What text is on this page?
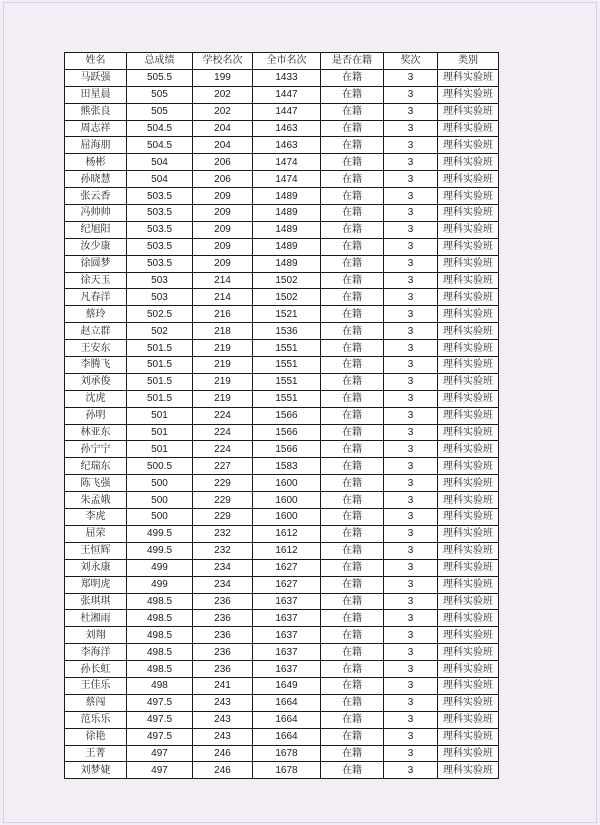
姓名	总成绩	学校名次	全市名次	是否在籍	奖次	类别
马跃强	505.5	199	1433	在籍	3	理科实验班
田星晨	505	202	1447	在籍	3	理科实验班
熊张良	505	202	1447	在籍	3	理科实验班
周志祥	504.5	204	1463	在籍	3	理科实验班
屈海朋	504.5	204	1463	在籍	3	理科实验班
杨彬	504	206	1474	在籍	3	理科实验班
孙晓慧	504	206	1474	在籍	3	理科实验班
张云香	503.5	209	1489	在籍	3	理科实验班
冯帅帅	503.5	209	1489	在籍	3	理科实验班
纪旭阳	503.5	209	1489	在籍	3	理科实验班
汝少康	503.5	209	1489	在籍	3	理科实验班
徐圆梦	503.5	209	1489	在籍	3	理科实验班
徐天玉	503	214	1502	在籍	3	理科实验班
凡春洋	503	214	1502	在籍	3	理科实验班
蔡玲	502.5	216	1521	在籍	3	理科实验班
赵立群	502	218	1536	在籍	3	理科实验班
王安东	501.5	219	1551	在籍	3	理科实验班
李腾飞	501.5	219	1551	在籍	3	理科实验班
刘承俊	501.5	219	1551	在籍	3	理科实验班
沈虎	501.5	219	1551	在籍	3	理科实验班
孙明	501	224	1566	在籍	3	理科实验班
林亚东	501	224	1566	在籍	3	理科实验班
孙宁宁	501	224	1566	在籍	3	理科实验班
纪瑞东	500.5	227	1583	在籍	3	理科实验班
陈飞强	500	229	1600	在籍	3	理科实验班
朱孟娥	500	229	1600	在籍	3	理科实验班
李虎	500	229	1600	在籍	3	理科实验班
屈荣	499.5	232	1612	在籍	3	理科实验班
王恒辉	499.5	232	1612	在籍	3	理科实验班
刘永康	499	234	1627	在籍	3	理科实验班
郑明虎	499	234	1627	在籍	3	理科实验班
张琪琪	498.5	236	1637	在籍	3	理科实验班
杜湘雨	498.5	236	1637	在籍	3	理科实验班
刘翔	498.5	236	1637	在籍	3	理科实验班
李海洋	498.5	236	1637	在籍	3	理科实验班
孙长虹	498.5	236	1637	在籍	3	理科实验班
王佳乐	498	241	1649	在籍	3	理科实验班
蔡闯	497.5	243	1664	在籍	3	理科实验班
范乐乐	497.5	243	1664	在籍	3	理科实验班
徐艳	497.5	243	1664	在籍	3	理科实验班
王菁	497	246	1678	在籍	3	理科实验班
刘梦婕	497	246	1678	在籍	3	理科实验班
